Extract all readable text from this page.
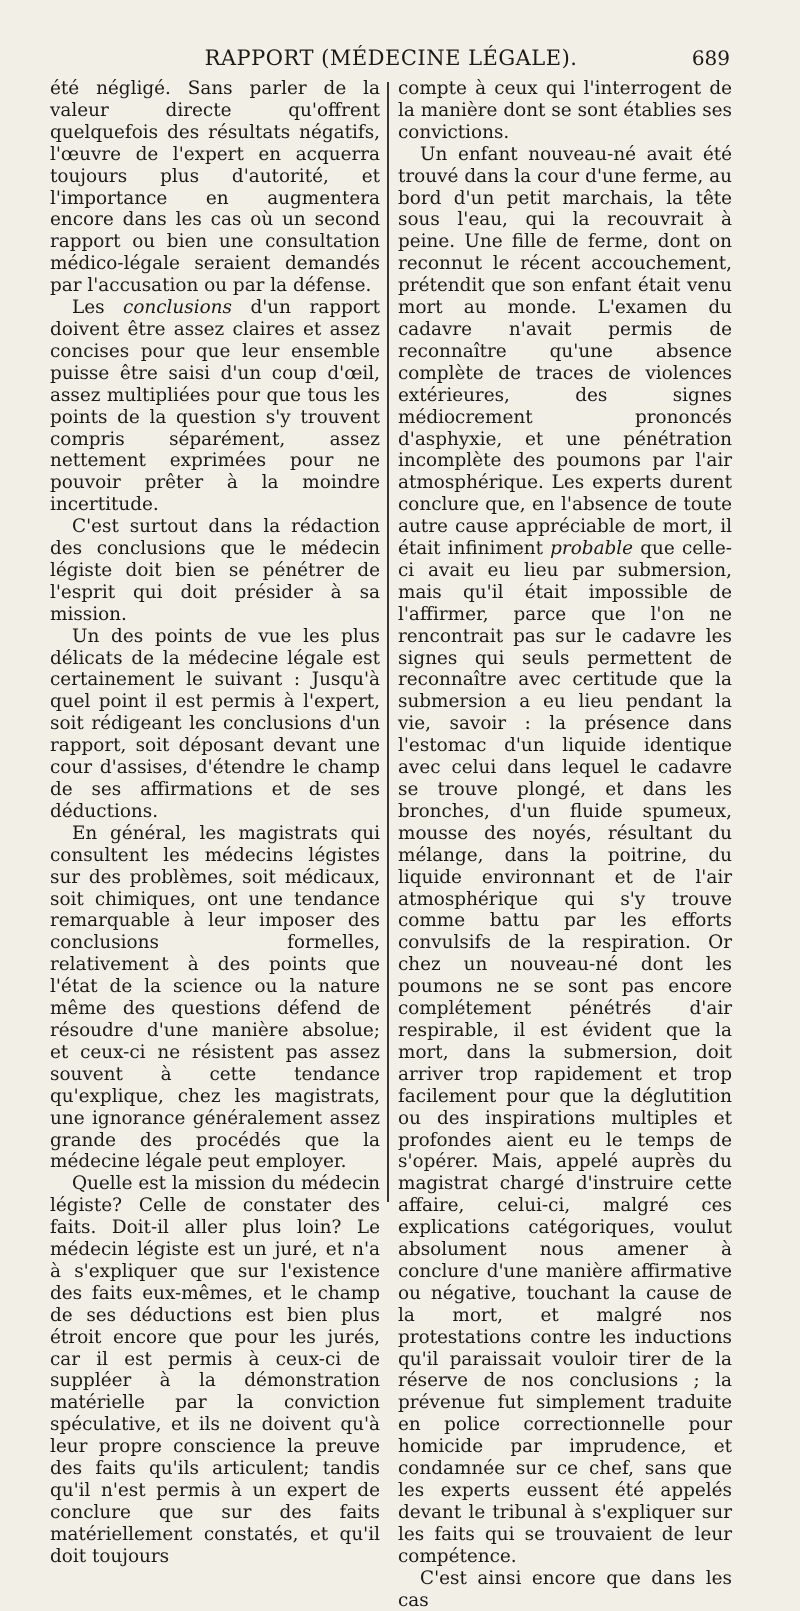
RAPPORT (MÉDECINE LÉGALE).	689

été négligé. Sans parler de la valeur directe qu'offrent quelquefois des résultats négatifs, l'œuvre de l'expert en acquerra toujours plus d'autorité, et l'importance en augmentera encore dans les cas où un second rapport ou bien une consultation médico-légale seraient demandés par l'accusation ou par la défense.

Les conclusions d'un rapport doivent être assez claires et assez concises pour que leur ensemble puisse être saisi d'un coup d'œil, assez multipliées pour que tous les points de la question s'y trouvent compris séparément, assez nettement exprimées pour ne pouvoir prêter à la moindre incertitude.

C'est surtout dans la rédaction des conclusions que le médecin légiste doit bien se pénétrer de l'esprit qui doit présider à sa mission.

Un des points de vue les plus délicats de la médecine légale est certainement le suivant : Jusqu'à quel point il est permis à l'expert, soit rédigeant les conclusions d'un rapport, soit déposant devant une cour d'assises, d'étendre le champ de ses affirmations et de ses déductions.

En général, les magistrats qui consultent les médecins légistes sur des problèmes, soit médicaux, soit chimiques, ont une tendance remarquable à leur imposer des conclusions formelles, relativement à des points que l'état de la science ou la nature même des questions défend de résoudre d'une manière absolue; et ceux-ci ne résistent pas assez souvent à cette tendance qu'explique, chez les magistrats, une ignorance généralement assez grande des procédés que la médecine légale peut employer.

Quelle est la mission du médecin légiste? Celle de constater des faits. Doit-il aller plus loin? Le médecin légiste est un juré, et n'a à s'expliquer que sur l'existence des faits eux-mêmes, et le champ de ses déductions est bien plus étroit encore que pour les jurés, car il est permis à ceux-ci de suppléer à la démonstration matérielle par la conviction spéculative, et ils ne doivent qu'à leur propre conscience la preuve des faits qu'ils articulent; tandis qu'il n'est permis à un expert de conclure que sur des faits matériellement constatés, et qu'il doit toujours

compte à ceux qui l'interrogent de la manière dont se sont établies ses convictions.

Un enfant nouveau-né avait été trouvé dans la cour d'une ferme, au bord d'un petit marchais, la tête sous l'eau, qui la recouvrait à peine. Une fille de ferme, dont on reconnut le récent accouchement, prétendit que son enfant était venu mort au monde. L'examen du cadavre n'avait permis de reconnaître qu'une absence complète de traces de violences extérieures, des signes médiocrement prononcés d'asphyxie, et une pénétration incomplète des poumons par l'air atmosphérique. Les experts durent conclure que, en l'absence de toute autre cause appréciable de mort, il était infiniment probable que celle-ci avait eu lieu par submersion, mais qu'il était impossible de l'affirmer, parce que l'on ne rencontrait pas sur le cadavre les signes qui seuls permettent de reconnaître avec certitude que la submersion a eu lieu pendant la vie, savoir : la présence dans l'estomac d'un liquide identique avec celui dans lequel le cadavre se trouve plongé, et dans les bronches, d'un fluide spumeux, mousse des noyés, résultant du mélange, dans la poitrine, du liquide environnant et de l'air atmosphérique qui s'y trouve comme battu par les efforts convulsifs de la respiration. Or chez un nouveau-né dont les poumons ne se sont pas encore complétement pénétrés d'air respirable, il est évident que la mort, dans la submersion, doit arriver trop rapidement et trop facilement pour que la déglutition ou des inspirations multiples et profondes aient eu le temps de s'opérer. Mais, appelé auprès du magistrat chargé d'instruire cette affaire, celui-ci, malgré ces explications catégoriques, voulut absolument nous amener à conclure d'une manière affirmative ou négative, touchant la cause de la mort, et malgré nos protestations contre les inductions qu'il paraissait vouloir tirer de la réserve de nos conclusions ; la prévenue fut simplement traduite en police correctionnelle pour homicide par imprudence, et condamnée sur ce chef, sans que les experts eussent été appelés devant le tribunal à s'expliquer sur les faits qui se trouvaient de leur compétence.

C'est ainsi encore que dans les cas
